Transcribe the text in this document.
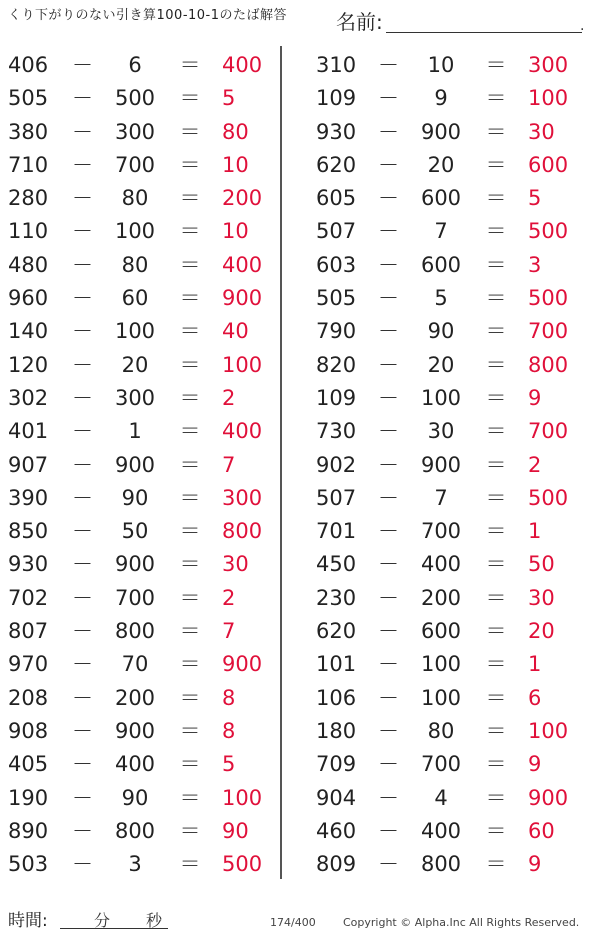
くり下がりのない引き算100-10-1のたば解答 名前:	.
406 －	6	＝ 400
505 － 500 ＝ 5
380 － 300 ＝ 80
710 － 700 ＝ 10
280 －	80	＝ 200
110 － 100 ＝ 10
480 －	80	＝ 400
960 －	60	＝ 900
140 － 100 ＝ 40
120 －	20	＝ 100
302 － 300 ＝ 2
401 －	1	＝ 400
907 － 900 ＝ 7
390 －	90	＝ 300
850 －	50	＝ 800
930 － 900 ＝ 30
702 － 700 ＝ 2
807 － 800 ＝ 7
970 －	70	＝ 900
208 － 200 ＝ 8
908 － 900 ＝ 8
405 － 400 ＝ 5
190 －	90	＝ 100
890 － 800 ＝ 90
503 －	3	＝ 500
310 －	10	＝ 300
109 －	9	＝ 100
930 － 900 ＝ 30
620 －	20	＝ 600
605 － 600 ＝ 5
507 －	7	＝ 500
603 － 600 ＝ 3
505 －	5	＝ 500
790 －	90	＝ 700
820 －	20	＝ 800
109 － 100 ＝ 9
730 －	30	＝ 700
902 － 900 ＝ 2
507 －	7	＝ 500
701 － 700 ＝ 1
450 － 400 ＝ 50
230 － 200 ＝ 30
620 － 600 ＝ 20
101 － 100 ＝ 1
106 － 100 ＝ 6
180 －	80	＝ 100
709 － 700 ＝ 9
904 －	4	＝ 900
460 － 400 ＝ 60
809 － 800 ＝ 9
時間:	分 秒	174/400 Copyright © Alpha.Inc All Rights Reserved.
